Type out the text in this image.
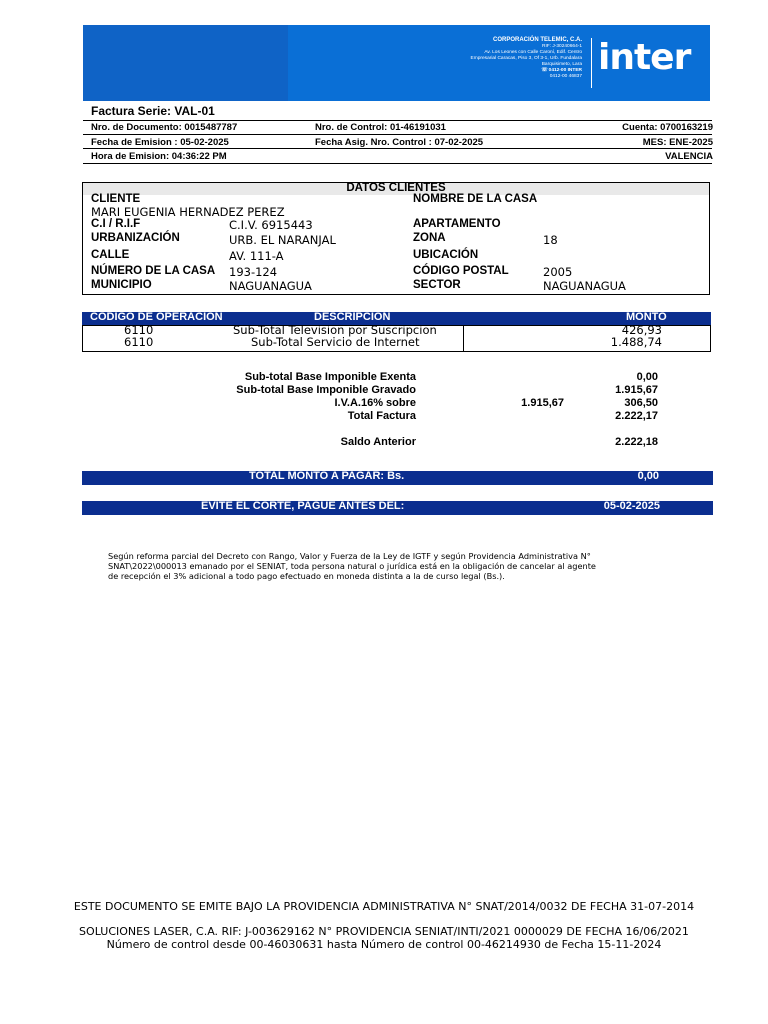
CORPORACIÓN TELEMIC, C.A.
RIF: J-30240664-1
Av. Los Leones con Calle Caroní, Edif. Centro
Empresarial Caracas, Piso 3, Of 3-1, Urb. Fundalara
Barquisimeto, Lara
☏ 0412-00 INTER
0412-00 46837 inter
Factura Serie: VAL-01
Nro. de Documento: 0015487787	Nro. de Control: 01-46191031	Cuenta: 0700163219
Fecha de Emision : 05-02-2025	Fecha Asig. Nro. Control : 07-02-2025	MES: ENE-2025
Hora de Emision: 04:36:22 PM	VALENCIA
DATOS CLIENTES
CLIENTE	NOMBRE DE LA CASA
MARI EUGENIA HERNADEZ PEREZ
C.I / R.I.F	C.I.V. 6915443	APARTAMENTO
URBANIZACIÓN	URB. EL NARANJAL	ZONA	18
CALLE	AV. 111-A	UBICACIÓN
NÚMERO DE LA CASA 193-124	CÓDIGO POSTAL	2005
MUNICIPIO	NAGUANAGUA	SECTOR	NAGUANAGUA
CÓDIGO DE OPERACIÓN	DESCRIPCIÓN	MONTO
6110	Sub-Total Television por Suscripcion	426,93
6110	Sub-Total Servicio de Internet	1.488,74
Sub-total Base Imponible Exenta	0,00
Sub-total Base Imponible Gravado	1.915,67
I.V.A.16% sobre	1.915,67	306,50
Total Factura	2.222,17
Saldo Anterior	2.222,18
TOTAL MONTO A PAGAR: Bs.	0,00
EVITE EL CORTE, PAGUE ANTES DEL:	05-02-2025
Según reforma parcial del Decreto con Rango, Valor y Fuerza de la Ley de IGTF y según Providencia Administrativa N°
SNAT\2022\000013 emanado por el SENIAT, toda persona natural o jurídica está en la obligación de cancelar al agente
de recepción el 3% adicional a todo pago efectuado en moneda distinta a la de curso legal (Bs.).
ESTE DOCUMENTO SE EMITE BAJO LA PROVIDENCIA ADMINISTRATIVA N° SNAT/2014/0032 DE FECHA 31-07-2014
SOLUCIONES LASER, C.A. RIF: J-003629162 N° PROVIDENCIA SENIAT/INTI/2021 0000029 DE FECHA 16/06/2021
Número de control desde 00-46030631 hasta Número de control 00-46214930 de Fecha 15-11-2024
